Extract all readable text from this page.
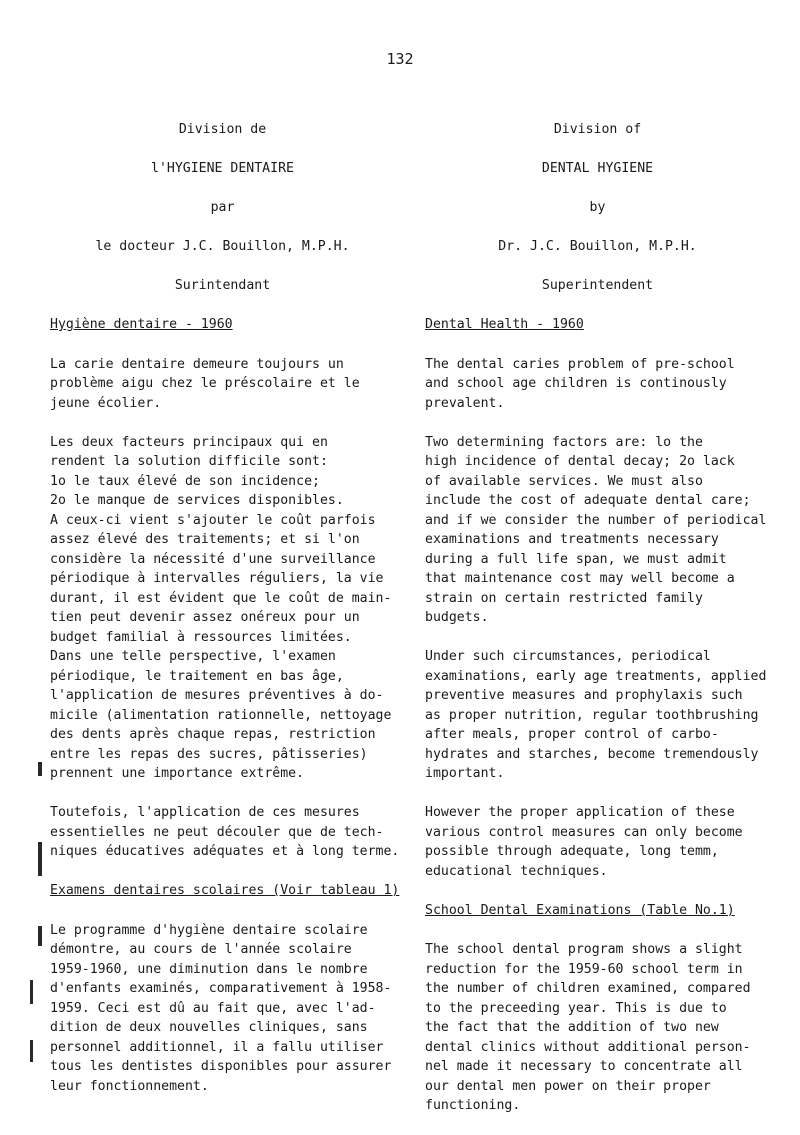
132
Division de
l'HYGIENE DENTAIRE
par
le docteur J.C. Bouillon, M.P.H.
Surintendant
Hygiène dentaire - 1960
La carie dentaire demeure toujours un
problème aigu chez le préscolaire et le
jeune écolier.
Les deux facteurs principaux qui en
rendent la solution difficile sont:
1o le taux élevé de son incidence;
2o le manque de services disponibles.
A ceux-ci vient s'ajouter le coût parfois
assez élevé des traitements; et si l'on
considère la nécessité d'une surveillance
périodique à intervalles réguliers, la vie
durant, il est évident que le coût de main-
tien peut devenir assez onéreux pour un
budget familial à ressources limitées.
Dans une telle perspective, l'examen
périodique, le traitement en bas âge,
l'application de mesures préventives à do-
micile (alimentation rationnelle, nettoyage
des dents après chaque repas, restriction
entre les repas des sucres, pâtisseries)
prennent une importance extrême.
Toutefois, l'application de ces mesures
essentielles ne peut découler que de tech-
niques éducatives adéquates et à long terme.
Examens dentaires scolaires (Voir tableau 1)
Le programme d'hygiène dentaire scolaire
démontre, au cours de l'année scolaire
1959-1960, une diminution dans le nombre
d'enfants examinés, comparativement à 1958-
1959. Ceci est dû au fait que, avec l'ad-
dition de deux nouvelles cliniques, sans
personnel additionnel, il a fallu utiliser
tous les dentistes disponibles pour assurer
leur fonctionnement.
Division of
DENTAL HYGIENE
by
Dr. J.C. Bouillon, M.P.H.
Superintendent
Dental Health - 1960
The dental caries problem of pre-school
and school age children is continously
prevalent.
Two determining factors are: lo the
high incidence of dental decay; 2o lack
of available services. We must also
include the cost of adequate dental care;
and if we consider the number of periodical
examinations and treatments necessary
during a full life span, we must admit
that maintenance cost may well become a
strain on certain restricted family
budgets.
Under such circumstances, periodical
examinations, early age treatments, applied
preventive measures and prophylaxis such
as proper nutrition, regular toothbrushing
after meals, proper control of carbo-
hydrates and starches, become tremendously
important.
However the proper application of these
various control measures can only become
possible through adequate, long temm,
educational techniques.
School Dental Examinations (Table No.1)
The school dental program shows a slight
reduction for the 1959-60 school term in
the number of children examined, compared
to the preceeding year. This is due to
the fact that the addition of two new
dental clinics without additional person-
nel made it necessary to concentrate all
our dental men power on their proper
functioning.
